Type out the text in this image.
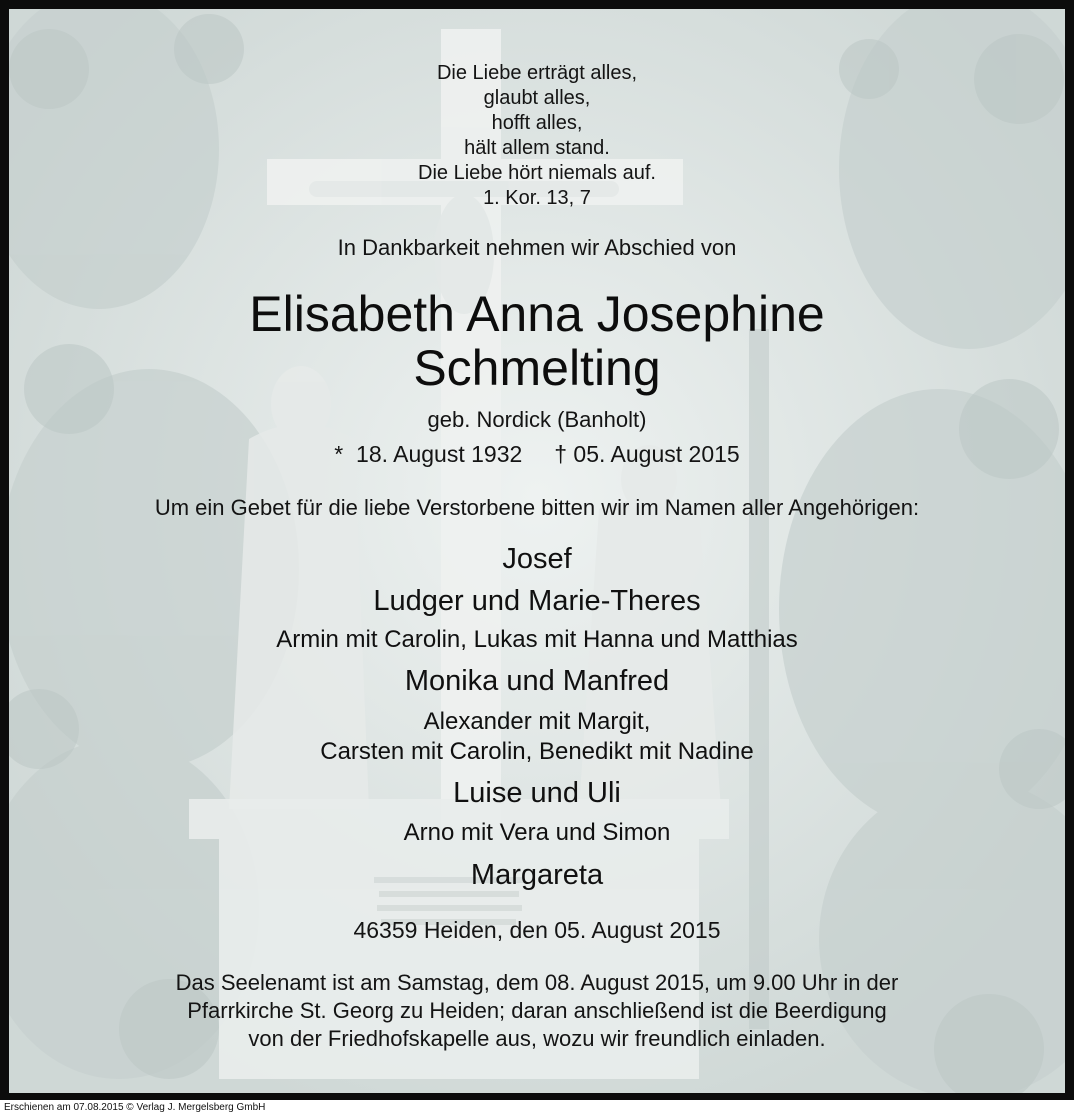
Die Liebe erträgt alles,
glaubt alles,
hofft alles,
hält allem stand.
Die Liebe hört niemals auf.
1. Kor. 13, 7
In Dankbarkeit nehmen wir Abschied von
Elisabeth Anna Josephine
Schmelting
geb. Nordick (Banholt)
*  18. August 1932 † 05. August 2015
Um ein Gebet für die liebe Verstorbene bitten wir im Namen aller Angehörigen:
Josef
Ludger und Marie-Theres
Armin mit Carolin, Lukas mit Hanna und Matthias
Monika und Manfred
Alexander mit Margit,
Carsten mit Carolin, Benedikt mit Nadine
Luise und Uli
Arno mit Vera und Simon
Margareta
46359 Heiden, den 05. August 2015
Das Seelenamt ist am Samstag, dem 08. August 2015, um 9.00 Uhr in der
Pfarrkirche St. Georg zu Heiden; daran anschließend ist die Beerdigung
von der Friedhofskapelle aus, wozu wir freundlich einladen.
Erschienen am 07.08.2015 © Verlag J. Mergelsberg GmbH
